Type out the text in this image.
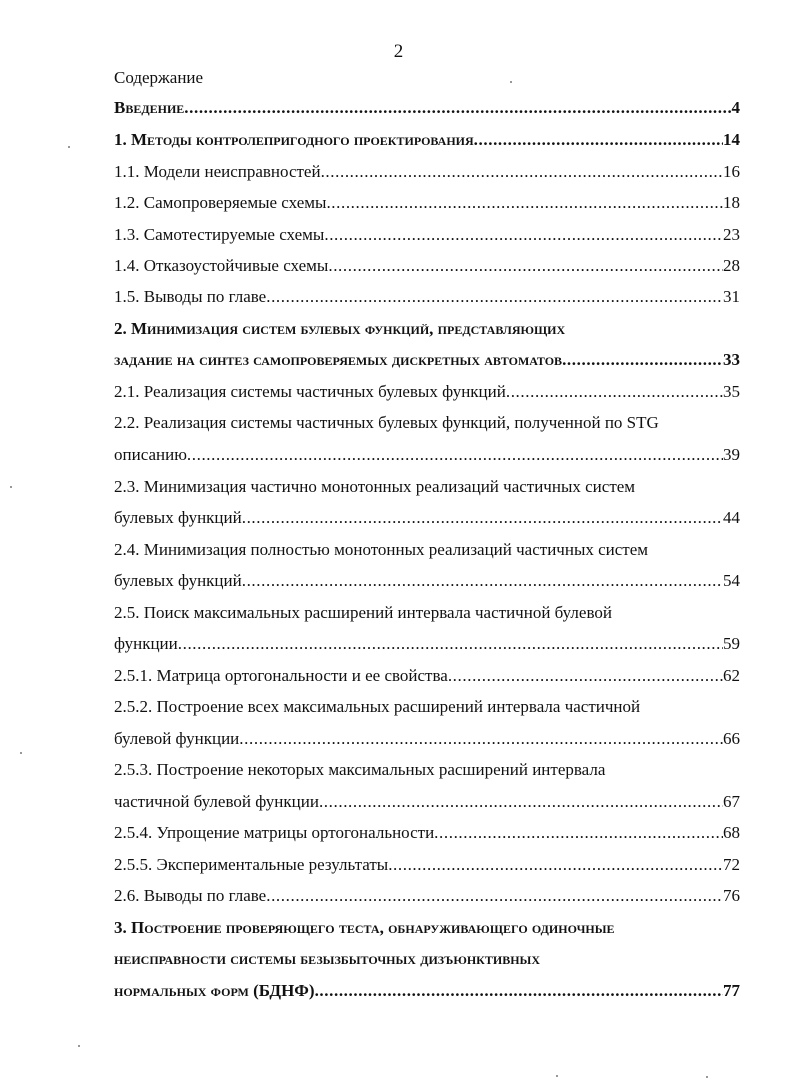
2
Содержание
Введение .....	4
1. Методы контролепригодного проектирования .....	14
1.1. Модели неисправностей .....	16
1.2. Самопроверяемые схемы .....	18
1.3. Самотестируемые схемы .....	23
1.4. Отказоустойчивые схемы .....	28
1.5. Выводы по главе .....	31
2. Минимизация систем булевых функций, представляющих
задание на синтез самопроверяемых дискретных автоматов .....	33
2.1. Реализация системы частичных булевых функций .....	35
2.2. Реализация системы частичных булевых функций, полученной по STG
описанию .....	39
2.3. Минимизация частично монотонных реализаций частичных систем
булевых функций .....	44
2.4. Минимизация полностью монотонных реализаций частичных систем
булевых функций .....	54
2.5. Поиск максимальных расширений интервала частичной булевой
функции .....	59
2.5.1. Матрица ортогональности и ее свойства .....	62
2.5.2. Построение всех максимальных расширений интервала частичной
булевой функции .....	66
2.5.3. Построение некоторых максимальных расширений интервала
частичной булевой функции .....	67
2.5.4. Упрощение матрицы ортогональности .....	68
2.5.5. Экспериментальные результаты .....	72
2.6. Выводы по главе .....	76
3. Построение проверяющего теста, обнаруживающего одиночные
неисправности системы безызбыточных дизъюнктивных
нормальных форм (БДНФ) .....	77
